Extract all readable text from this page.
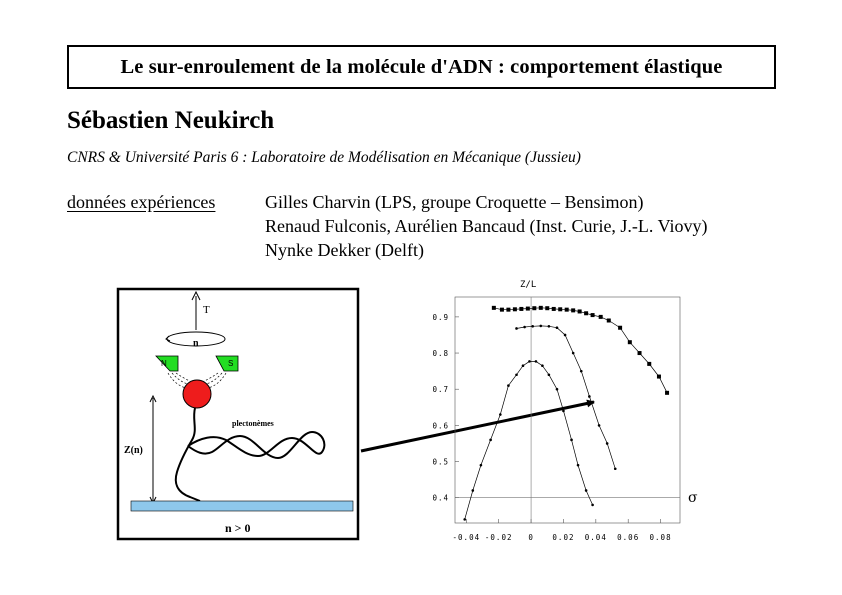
Le sur-enroulement de la molécule d'ADN : comportement élastique
Sébastien Neukirch
CNRS & Université Paris 6 : Laboratoire de Modélisation en Mécanique (Jussieu)
données expériences	Gilles Charvin (LPS, groupe Croquette – Bensimon)
Renaud Fulconis, Aurélien Bancaud (Inst. Curie, J.-L. Viovy)
Nynke Dekker (Delft)
T
n
N	S
plectonèmes
Z(n)
n > 0
-0.04 -0.02 0 0.02 0.04 0.06 0.08
0.4
0.5
0.6
0.7
0.8
0.9
Z/L
σ
